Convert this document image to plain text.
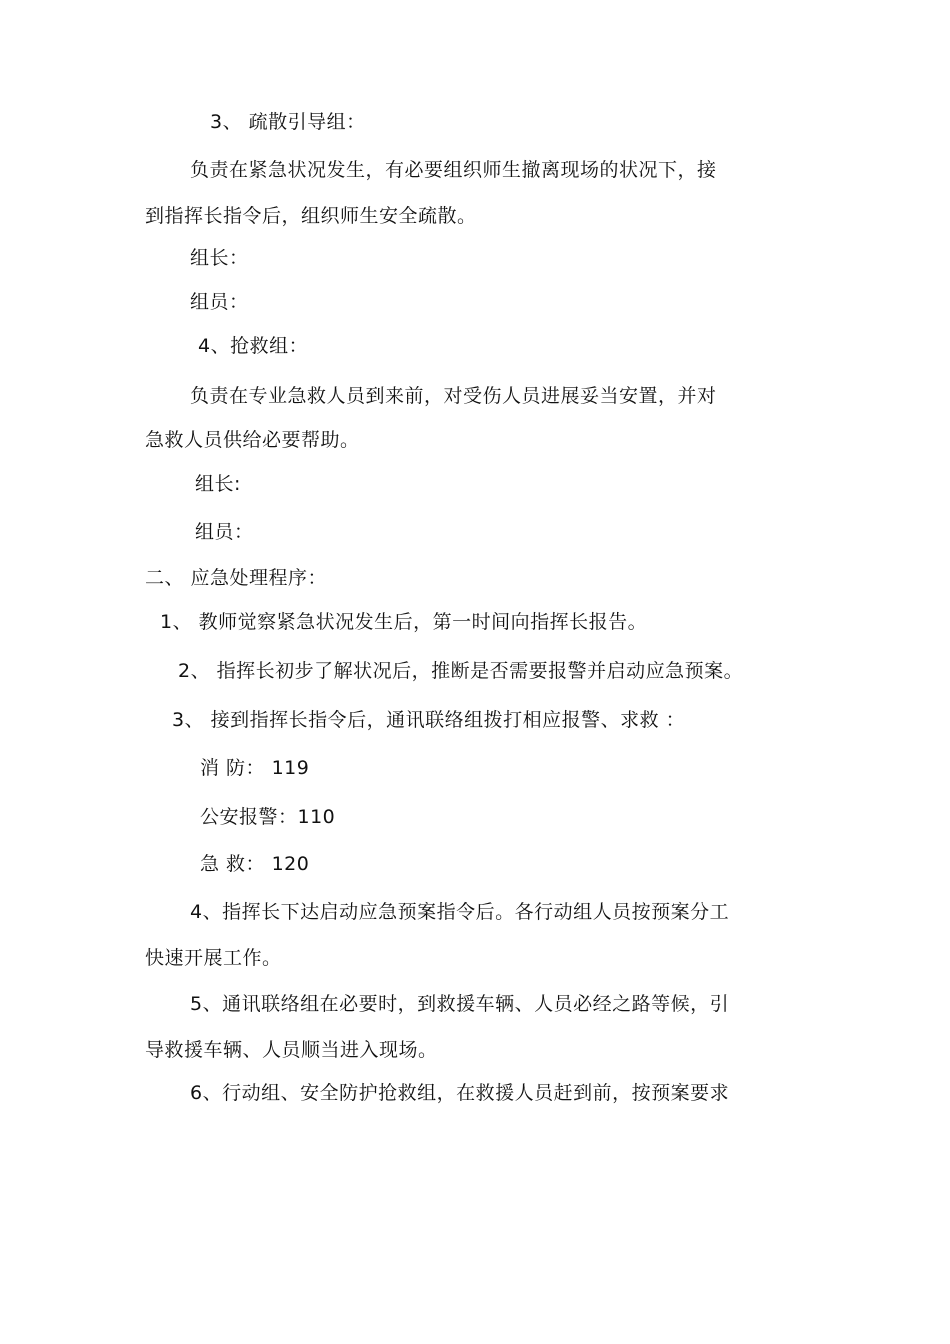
3、 疏散引导组：
负责在紧急状况发生，有必要组织师生撤离现场的状况下，接
到指挥长指令后，组织师生安全疏散。
组长：
组员：
4、抢救组：
负责在专业急救人员到来前，对受伤人员进展妥当安置，并对
急救人员供给必要帮助。
组长:
组员：
二、 应急处理程序：
1、 教师觉察紧急状况发生后，第一时间向指挥长报告。
2、 指挥长初步了解状况后，推断是否需要报警并启动应急预案。
3、 接到指挥长指令后，通讯联络组拨打相应报警、求救 ：
消 防： 119
公安报警：110
急 救： 120
4、指挥长下达启动应急预案指令后。各行动组人员按预案分工
快速开展工作。
5、通讯联络组在必要时，到救援车辆、人员必经之路等候，引
导救援车辆、人员顺当进入现场。
6、行动组、安全防护抢救组，在救援人员赶到前，按预案要求
